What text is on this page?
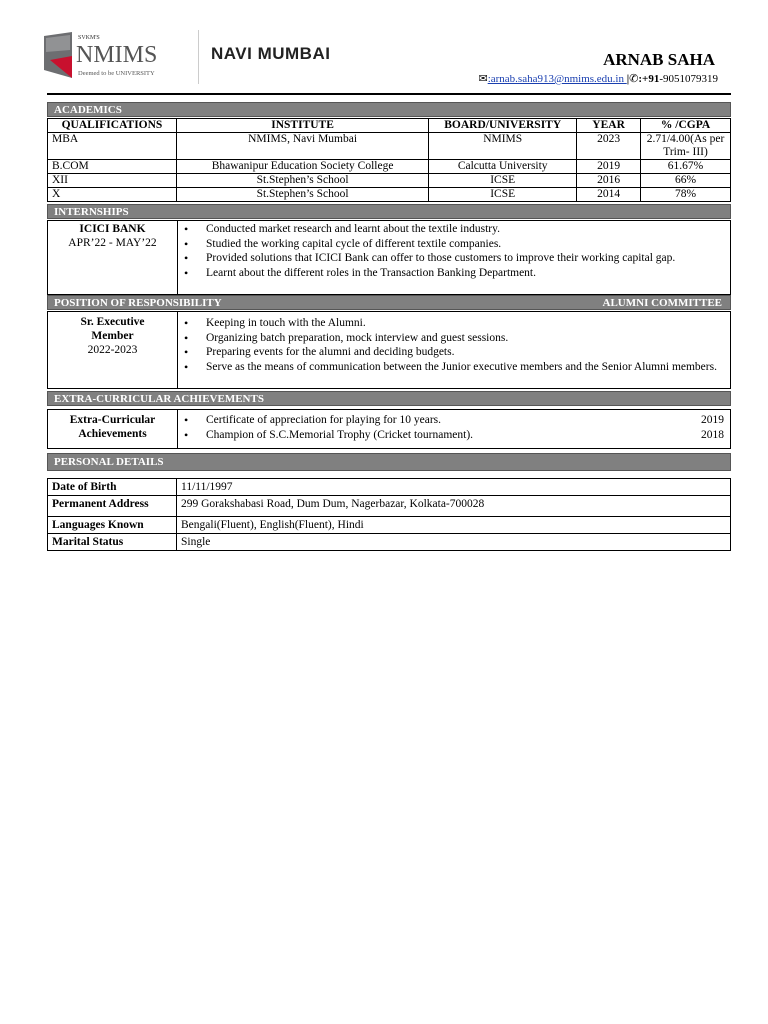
SVKM'S
NMIMS
Deemed to be UNIVERSITY
NAVI MUMBAI	ARNAB SAHA
✉:arnab.saha913@nmims.edu.in |✆:+91-9051079319
ACADEMICS
QUALIFICATIONS	INSTITUTE	BOARD/UNIVERSITY	YEAR	% /CGPA
MBA	NMIMS, Navi Mumbai	NMIMS	2023	2.71/4.00(As per Trim- III)
B.COM	Bhawanipur Education Society College	Calcutta University	2019	61.67%
XII	St.Stephen’s School	ICSE	2016	66%
X	St.Stephen’s School	ICSE	2014	78%
INTERNSHIPS
ICICI BANK
APR’22 - MAY’22
• Conducted market research and learnt about the textile industry.
• Studied the working capital cycle of different textile companies.
• Provided solutions that ICICI Bank can offer to those customers to improve their working capital gap.
• Learnt about the different roles in the Transaction Banking Department.
POSITION OF RESPONSIBILITY	ALUMNI COMMITTEE
Sr. Executive
Member
2022-2023
• Keeping in touch with the Alumni.
• Organizing batch preparation, mock interview and guest sessions.
• Preparing events for the alumni and deciding budgets.
• Serve as the means of communication between the Junior executive members and the Senior Alumni members.
EXTRA-CURRICULAR ACHIEVEMENTS
Extra-Curricular
Achievements
• Certificate of appreciation for playing for 10 years.	2019
• Champion of S.C.Memorial Trophy (Cricket tournament).	2018
PERSONAL DETAILS
Date of Birth	11/11/1997
Permanent Address	299 Gorakshabasi Road, Dum Dum, Nagerbazar, Kolkata-700028
Languages Known	Bengali(Fluent), English(Fluent), Hindi
Marital Status	Single
